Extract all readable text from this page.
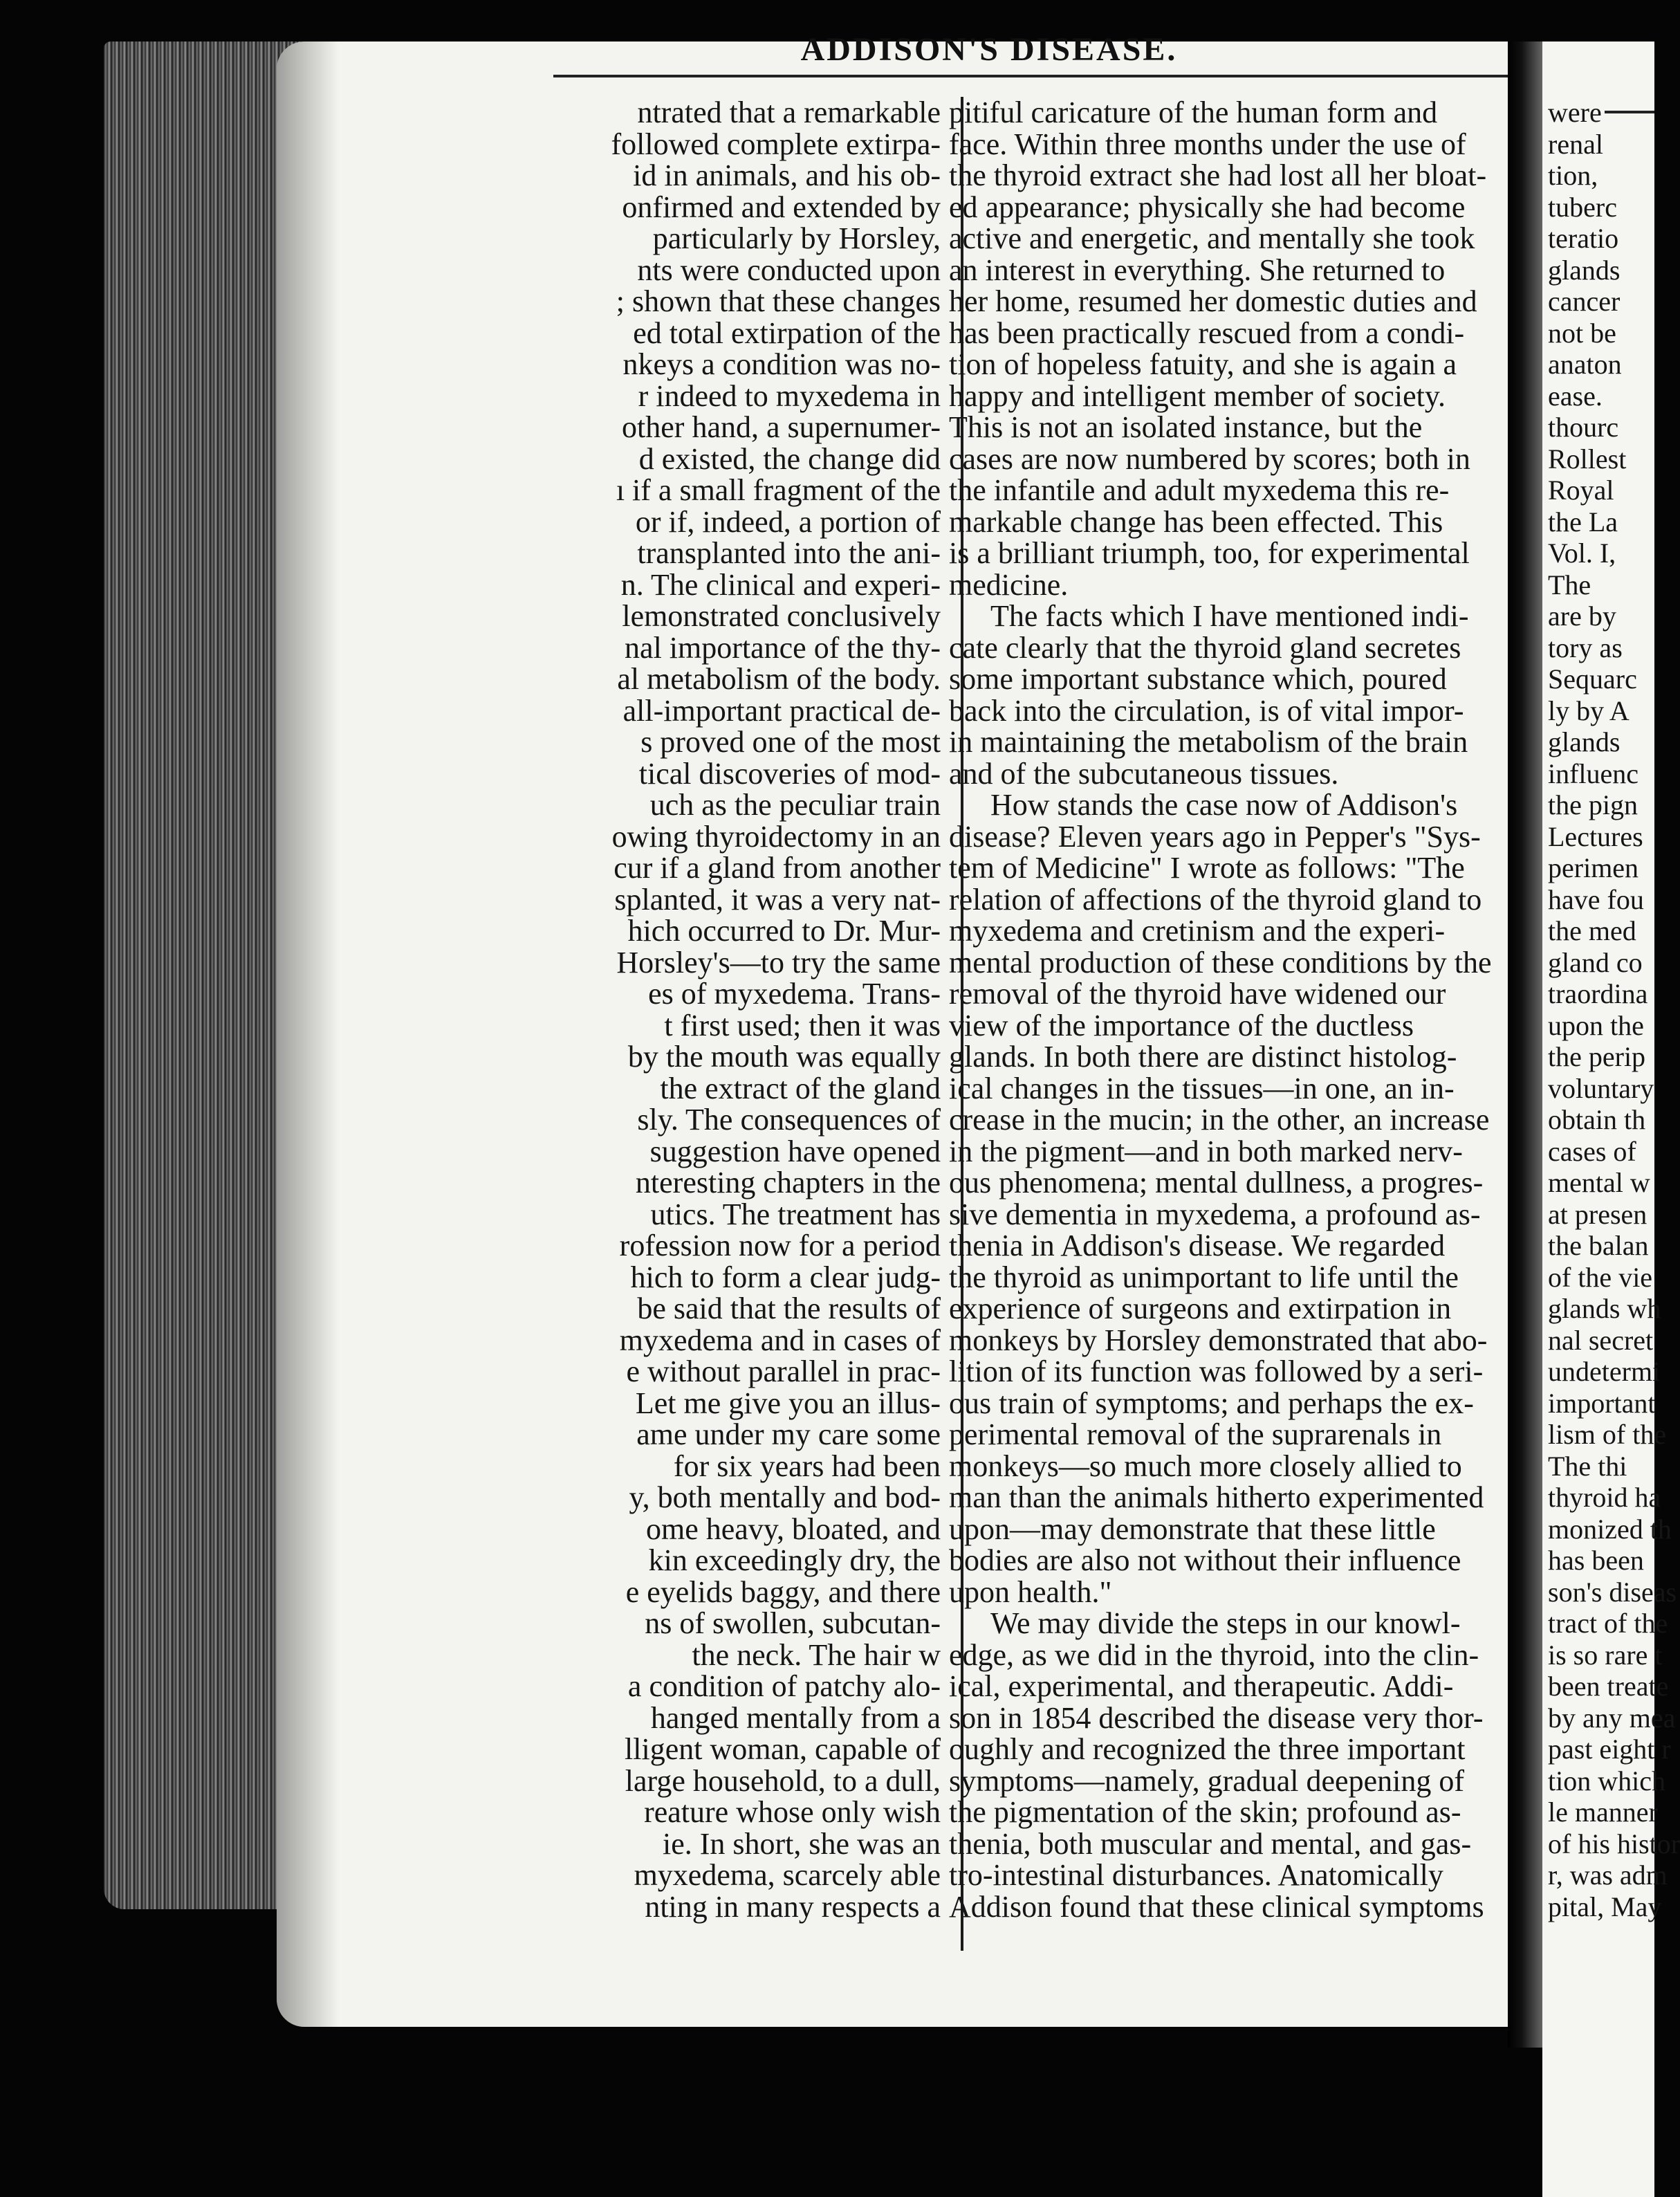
ADDISON'S DISEASE.

ntrated that a remarkable

followed complete extirpa-

id in animals, and his ob-

onfirmed and extended by

particularly by Horsley,

nts were conducted upon

; shown that these changes

ed total extirpation of the

nkeys a condition was no-

r indeed to myxedema in

other hand, a supernumer-

d existed, the change did

ı if a small fragment of the

or if, indeed, a portion of

transplanted into the ani-

n. The clinical and experi-

lemonstrated conclusively

nal importance of the thy-

al metabolism of the body.

all-important practical de-

s proved one of the most

tical discoveries of mod-

uch as the peculiar train

owing thyroidectomy in an

cur if a gland from another

splanted, it was a very nat-

hich occurred to Dr. Mur-

Horsley's—to try the same

es of myxedema. Trans-

t first used; then it was

by the mouth was equally

the extract of the gland

sly. The consequences of

suggestion have opened

nteresting chapters in the

utics. The treatment has

rofession now for a period

hich to form a clear judg-

be said that the results of

myxedema and in cases of

e without parallel in prac-

Let me give you an illus-

ame under my care some

for six years had been

y, both mentally and bod-

ome heavy, bloated, and

kin exceedingly dry, the

e eyelids baggy, and there

ns of swollen, subcutan-

the neck. The hair w

a condition of patchy alo-

hanged mentally from a

lligent woman, capable of

large household, to a dull,

reature whose only wish

ie. In short, she was an

myxedema, scarcely able

nting in many respects a

pitiful caricature of the human form and

face. Within three months under the use of

the thyroid extract she had lost all her bloat-

ed appearance; physically she had become

active and energetic, and mentally she took

an interest in everything. She returned to

her home, resumed her domestic duties and

has been practically rescued from a condi-

tion of hopeless fatuity, and she is again a

happy and intelligent member of society.

This is not an isolated instance, but the

cases are now numbered by scores; both in

the infantile and adult myxedema this re-

markable change has been effected. This

is a brilliant triumph, too, for experimental

medicine.

The facts which I have mentioned indi-

cate clearly that the thyroid gland secretes

some important substance which, poured

back into the circulation, is of vital impor-

in maintaining the metabolism of the brain

and of the subcutaneous tissues.

How stands the case now of Addison's

disease? Eleven years ago in Pepper's "Sys-

tem of Medicine" I wrote as follows: "The

relation of affections of the thyroid gland to

myxedema and cretinism and the experi-

mental production of these conditions by the

removal of the thyroid have widened our

view of the importance of the ductless

glands. In both there are distinct histolog-

ical changes in the tissues—in one, an in-

crease in the mucin; in the other, an increase

in the pigment—and in both marked nerv-

ous phenomena; mental dullness, a progres-

sive dementia in myxedema, a profound as-

thenia in Addison's disease. We regarded

the thyroid as unimportant to life until the

experience of surgeons and extirpation in

monkeys by Horsley demonstrated that abo-

lition of its function was followed by a seri-

ous train of symptoms; and perhaps the ex-

perimental removal of the suprarenals in

monkeys—so much more closely allied to

man than the animals hitherto experimented

upon—may demonstrate that these little

bodies are also not without their influence

upon health."

We may divide the steps in our knowl-

edge, as we did in the thyroid, into the clin-

ical, experimental, and therapeutic. Addi-

son in 1854 described the disease very thor-

oughly and recognized the three important

symptoms—namely, gradual deepening of

the pigmentation of the skin; profound as-

thenia, both muscular and mental, and gas-

tro-intestinal disturbances. Anatomically

Addison found that these clinical symptoms

were

renal

tion,

tuberc

teratio

glands

cancer

not be

anaton

ease.

thourc

Rollest

Royal

the La

Vol. I,

The

are by

tory as

Sequarc

ly by A

glands

influenc

the pign

Lectures

perimen

have fou

the med

gland co

traordina

upon the

the perip

voluntary

obtain th

cases of

mental w

at presen

the balan

of the vie

glands wh

nal secret

undetermi

important

lism of the

The thi

thyroid ha

monized th

has been

son's diseas

tract of the

is so rare t

been treate

by any mea

past eight r

tion which

le manner

of his histor

r, was adm

pital, May
